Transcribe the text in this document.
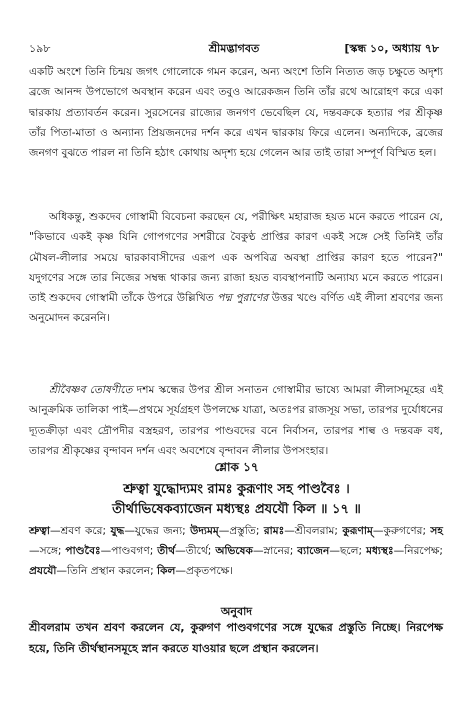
১৯৮	শ্রীমদ্ভাগবত	[স্কন্ধ ১০, অধ্যায় ৭৮
একটি অংশে তিনি চিন্ময় জগৎ গোলোকে গমন করেন, অন্য অংশে তিনি নিত্যত জড় চক্ষুতে অদৃশ্য ব্রজে আনন্দ উপভোগে অবস্থান করেন এবং তবুও আরেকজন তিনি তাঁর রথে আরোহণ করে একা দ্বারকায় প্রত্যাবর্তন করেন। সুরসেনের রাজ্যের জনগণ ভেবেছিল যে, দন্তবক্রকে হত্যার পর শ্রীকৃষ্ণ তাঁর পিতা-মাতা ও অন্যান্য প্রিয়জনদের দর্শন করে এখন দ্বারকায় ফিরে এলেন। অন্যদিকে, ব্রজের জনগণ বুঝতে পারল না তিনি হঠাৎ কোথায় অদৃশ্য হয়ে গেলেন আর তাই তারা সম্পূর্ণ বিস্মিত হল।
অধিকন্তু, শুকদেব গোস্বামী বিবেচনা করছেন যে, পরীক্ষিৎ মহারাজ হয়ত মনে করতে পারেন যে, "কিভাবে একই কৃষ্ণ যিনি গোপগণের সশরীরে বৈকুণ্ঠ প্রাপ্তির কারণ একই সঙ্গে সেই তিনিই তাঁর মৌষল-লীলার সময়ে দ্বারকাবাসীদের এরূপ এক অপবিত্র অবস্থা প্রাপ্তির কারণ হতে পারেন?" যদুগণের সঙ্গে তার নিজের সম্বন্ধ থাকার জন্য রাজা হয়ত ব্যবস্থাপনাটি অন্যায্য মনে করতে পারেন। তাই শুকদেব গোস্বামী তাঁকে উপরে উল্লিখিত পদ্ম পুরাণের উত্তর খণ্ডে বর্ণিত এই লীলা শ্রবণের জন্য অনুমোদন করেননি।
শ্রীবৈষ্ণব তোষণীতে দশম স্কন্ধের উপর শ্রীল সনাতন গোস্বামীর ভাষ্যে আমরা লীলাসমূহের এই আনুক্রমিক তালিকা পাই—প্রথমে সূর্যগ্রহণ উপলক্ষে যাত্রা, অতঃপর রাজসূয় সভা, তারপর দুর্যোধনের দ্যূতক্রীড়া এবং দ্রৌপদীর বস্ত্রহরণ, তারপর পাণ্ডবদের বনে নির্বাসন, তারপর শাল্ব ও দন্তবক্র বধ, তারপর শ্রীকৃষ্ণের বৃন্দাবন দর্শন এবং অবশেষে বৃন্দাবন লীলার উপসংহার।
শ্লোক ১৭
শ্রুত্বা যুদ্ধোদ্যমং রামঃ কুরূণাং সহ পাণ্ডবৈঃ ।
তীর্থাভিষেকব্যাজেন মধ্যস্থঃ প্রযযৌ কিল ॥ ১৭ ॥
শ্রুত্বা—শ্রবণ করে; যুদ্ধ—যুদ্ধের জন্য; উদ্যমম্—প্রস্তুতি; রামঃ—শ্রীবলরাম; কুরূণাম্—কুরুগণের; সহ—সঙ্গে; পাণ্ডবৈঃ—পাণ্ডবগণ; তীর্থ—তীর্থে; অভিষেক—স্নানের; ব্যাজেন—ছলে; মধ্যস্থঃ—নিরপেক্ষ; প্রযযৌ—তিনি প্রস্থান করলেন; কিল—প্রকৃতপক্ষে।
অনুবাদ
শ্রীবলরাম তখন শ্রবণ করলেন যে, কুরুগণ পাণ্ডবগণের সঙ্গে যুদ্ধের প্রস্তুতি নিচ্ছে। নিরপেক্ষ হয়ে, তিনি তীর্থস্থানসমূহে স্নান করতে যাওয়ার ছলে প্রস্থান করলেন।
